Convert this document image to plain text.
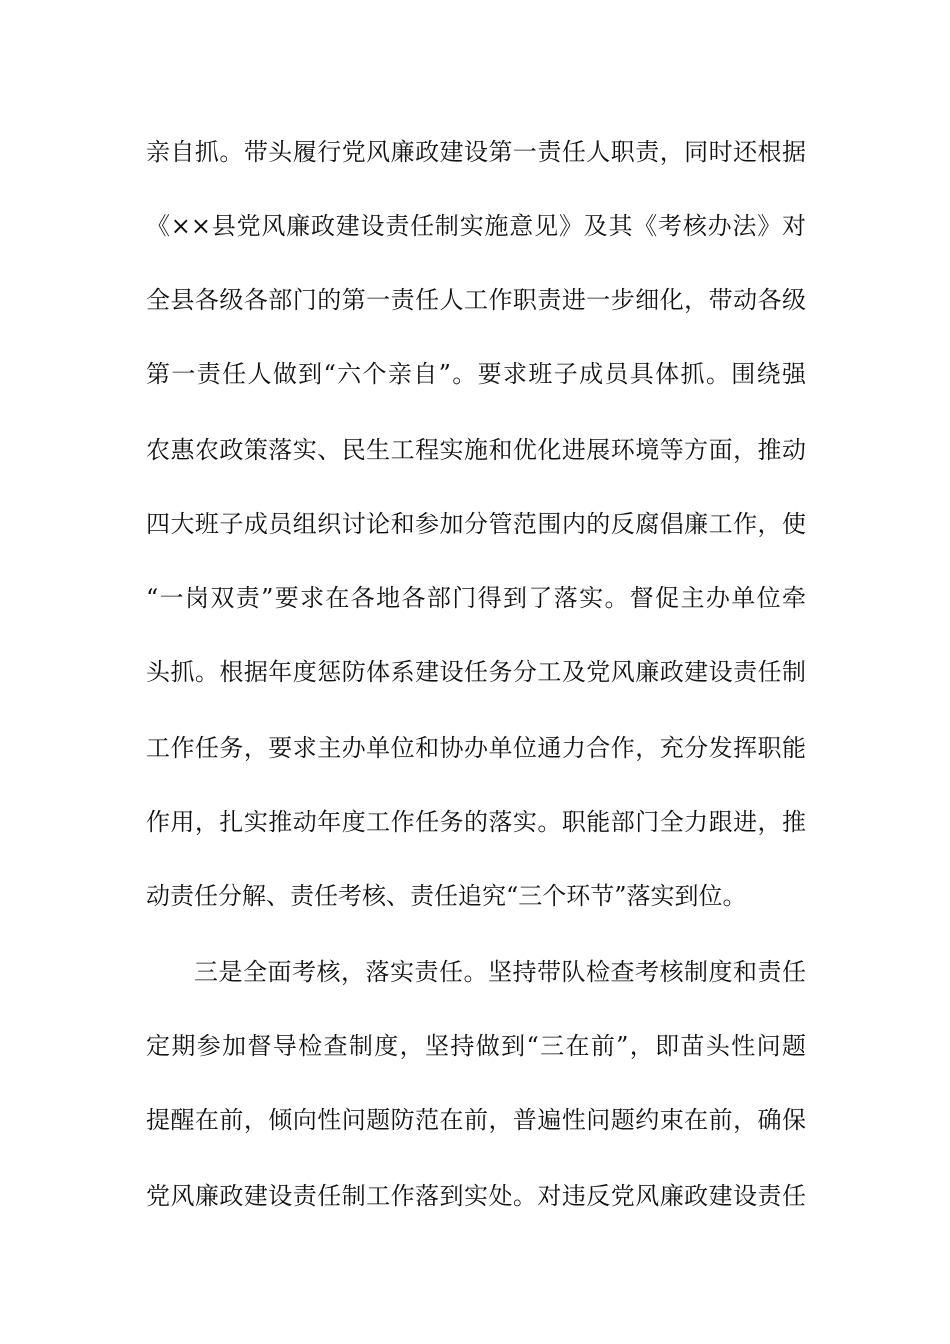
亲自抓。带头履行党风廉政建设第一责任人职责，同时还根据
《××县党风廉政建设责任制实施意见》及其《考核办法》对
全县各级各部门的第一责任人工作职责进一步细化，带动各级
第一责任人做到“六个亲自”。要求班子成员具体抓。围绕强
农惠农政策落实、民生工程实施和优化进展环境等方面，推动
四大班子成员组织讨论和参加分管范围内的反腐倡廉工作，使
“一岗双责”要求在各地各部门得到了落实。督促主办单位牵
头抓。根据年度惩防体系建设任务分工及党风廉政建设责任制
工作任务，要求主办单位和协办单位通力合作，充分发挥职能
作用，扎实推动年度工作任务的落实。职能部门全力跟进，推
动责任分解、责任考核、责任追究“三个环节”落实到位。
三是全面考核，落实责任。坚持带队检查考核制度和责任
定期参加督导检查制度，坚持做到“三在前”，即苗头性问题
提醒在前，倾向性问题防范在前，普遍性问题约束在前，确保
党风廉政建设责任制工作落到实处。对违反党风廉政建设责任
